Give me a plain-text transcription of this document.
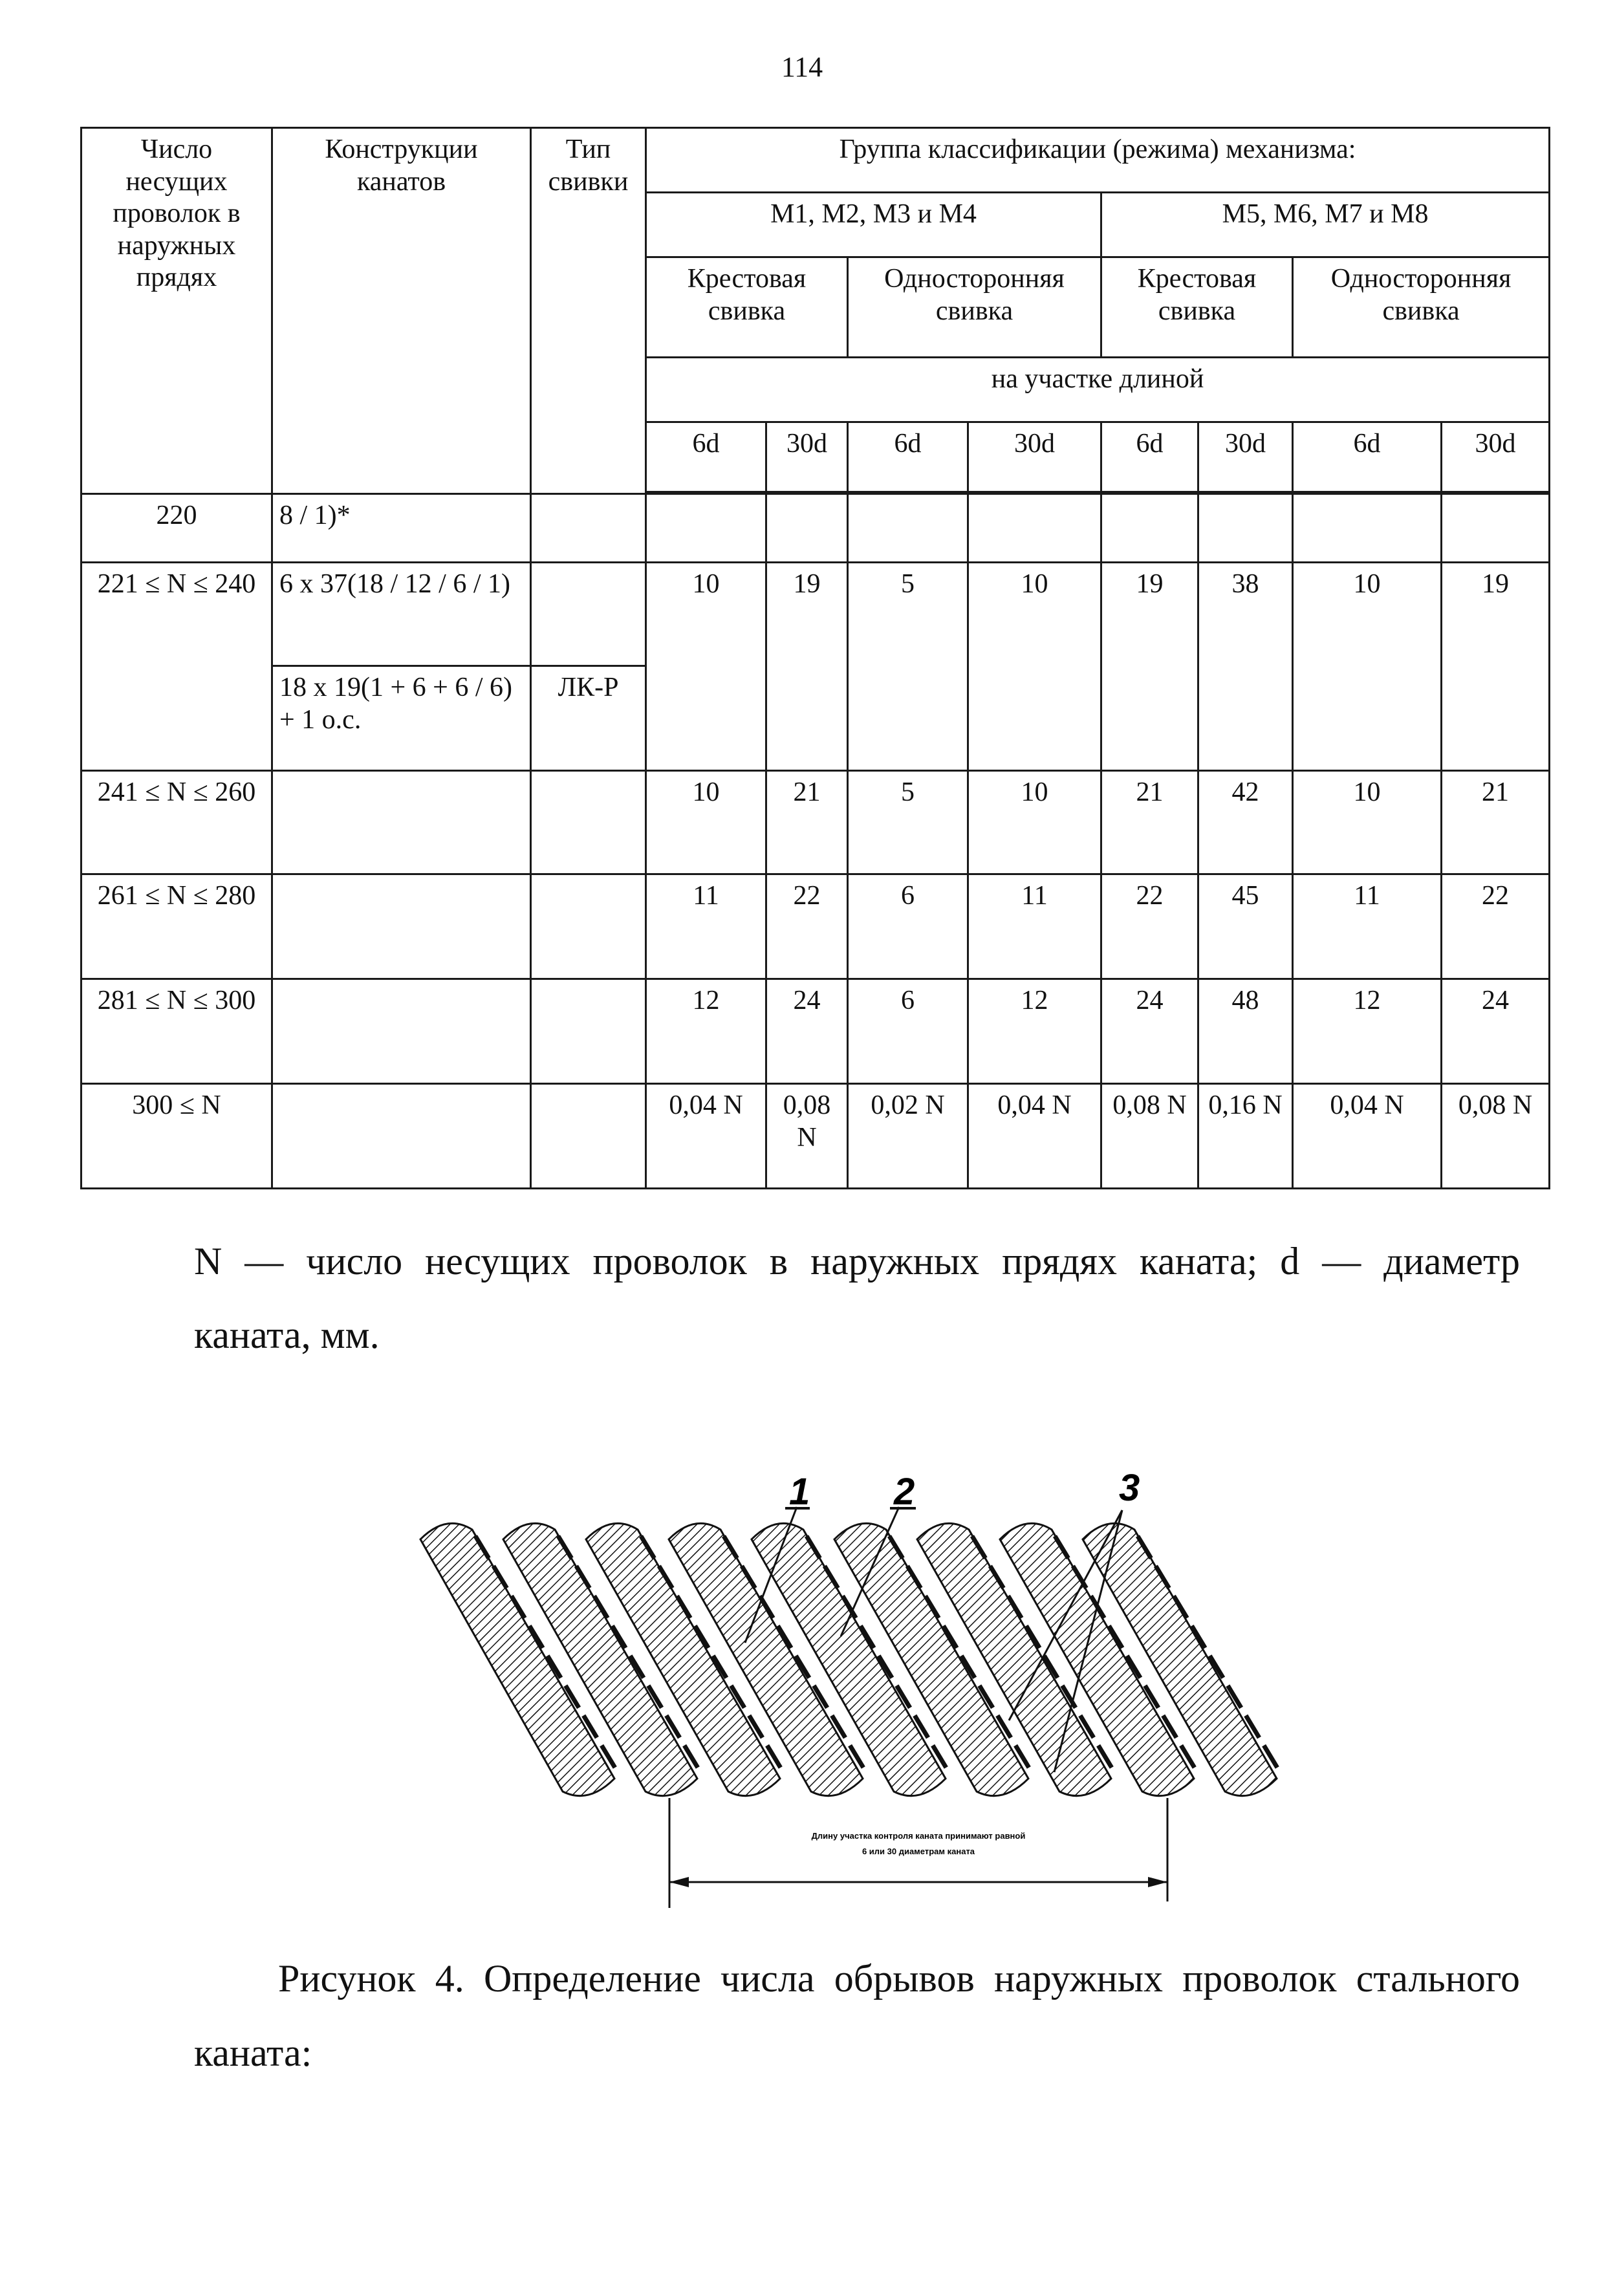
114
Число несущих проволок в наружных прядях	Конструкции канатов	Тип свивки	Группа классификации (режима) механизма:							
			М1, М2, М3 и М4				М5, М6, М7 и М8			
			Крестовая свивка		Односторонняя свивка		Крестовая свивка		Односторонняя свивка	
			на участке длиной							
			6d	30d	6d	30d	6d	30d	6d	30d

220	8 / 1)*									
221 ≤ N ≤ 240	6 x 37(18 / 12 / 6 / 1)		10	19	5	10	19	38	10	19
	18 x 19(1 + 6 + 6 / 6) + 1 о.с.	ЛК-Р								
241 ≤ N ≤ 260			10	21	5	10	21	42	10	21
261 ≤ N ≤ 280			11	22	6	11	22	45	11	22
281 ≤ N ≤ 300			12	24	6	12	24	48	12	24
300 ≤ N			0,04 N	0,08 N	0,02 N	0,04 N	0,08 N	0,16 N	0,04 N	0,08 N
N — число несущих проволок в наружных прядях каната; d — диаметр
каната, мм.
1 2	3
Длину участка контроля каната принимают равной
6 или 30 диаметрам каната
Рисунок 4. Определение числа обрывов наружных проволок стального
каната:
